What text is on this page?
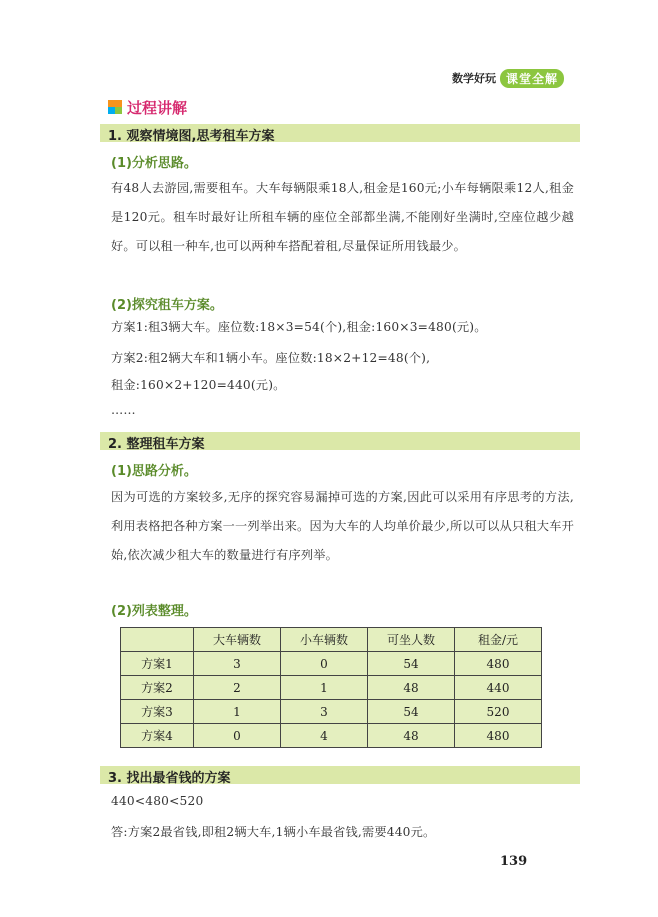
数学好玩 课堂全解
过程讲解
1. 观察情境图,思考租车方案
(1)分析思路。
有48人去游园,需要租车。大车每辆限乘18人,租金是160元;小车每辆限乘12人,租金是120元。租车时最好让所租车辆的座位全部都坐满,不能刚好坐满时,空座位越少越好。可以租一种车,也可以两种车搭配着租,尽量保证所用钱最少。
(2)探究租车方案。
方案1:租3辆大车。座位数:18×3=54(个),租金:160×3=480(元)。
方案2:租2辆大车和1辆小车。座位数:18×2+12=48(个),
租金:160×2+120=440(元)。
……
2. 整理租车方案
(1)思路分析。
因为可选的方案较多,无序的探究容易漏掉可选的方案,因此可以采用有序思考的方法,利用表格把各种方案一一列举出来。因为大车的人均单价最少,所以可以从只租大车开始,依次减少租大车的数量进行有序列举。
(2)列表整理。
	大车辆数	小车辆数	可坐人数	租金/元
方案1	3	0	54	480
方案2	2	1	48	440
方案3	1	3	54	520
方案4	0	4	48	480
3. 找出最省钱的方案
440<480<520
答:方案2最省钱,即租2辆大车,1辆小车最省钱,需要440元。
139
